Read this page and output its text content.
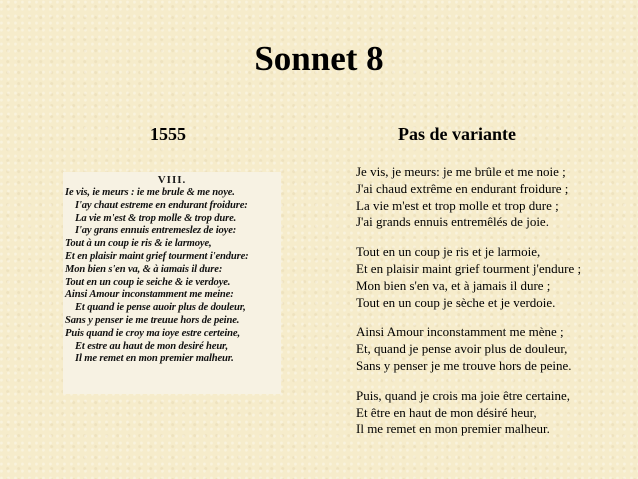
Sonnet 8
1555	Pas de variante
VIII.
Ie vis, ie meurs : ie me brule & me noye.
I'ay chaut estreme en endurant froidure:
La vie m'est & trop molle & trop dure.
I'ay grans ennuis entremeslez de ioye:
Tout à un coup ie ris & ie larmoye,
Et en plaisir maint grief tourment i'endure:
Mon bien s'en va, & à iamais il dure:
Tout en un coup ie seiche & ie verdoye.
Ainsi Amour inconstamment me meine:
Et quand ie pense auoir plus de douleur,
Sans y penser ie me treuue hors de peine.
Puis quand ie croy ma ioye estre certeine,
Et estre au haut de mon desiré heur,
Il me remet en mon premier malheur.
Je vis, je meurs: je me brûle et me noie ;
J'ai chaud extrême en endurant froidure ;
La vie m'est et trop molle et trop dure ;
J'ai grands ennuis entremêlés de joie.
Tout en un coup je ris et je larmoie,
Et en plaisir maint grief tourment j'endure ;
Mon bien s'en va, et à jamais il dure ;
Tout en un coup je sèche et je verdoie.
Ainsi Amour inconstamment me mène ;
Et, quand je pense avoir plus de douleur,
Sans y penser je me trouve hors de peine.
Puis, quand je crois ma joie être certaine,
Et être en haut de mon désiré heur,
Il me remet en mon premier malheur.
